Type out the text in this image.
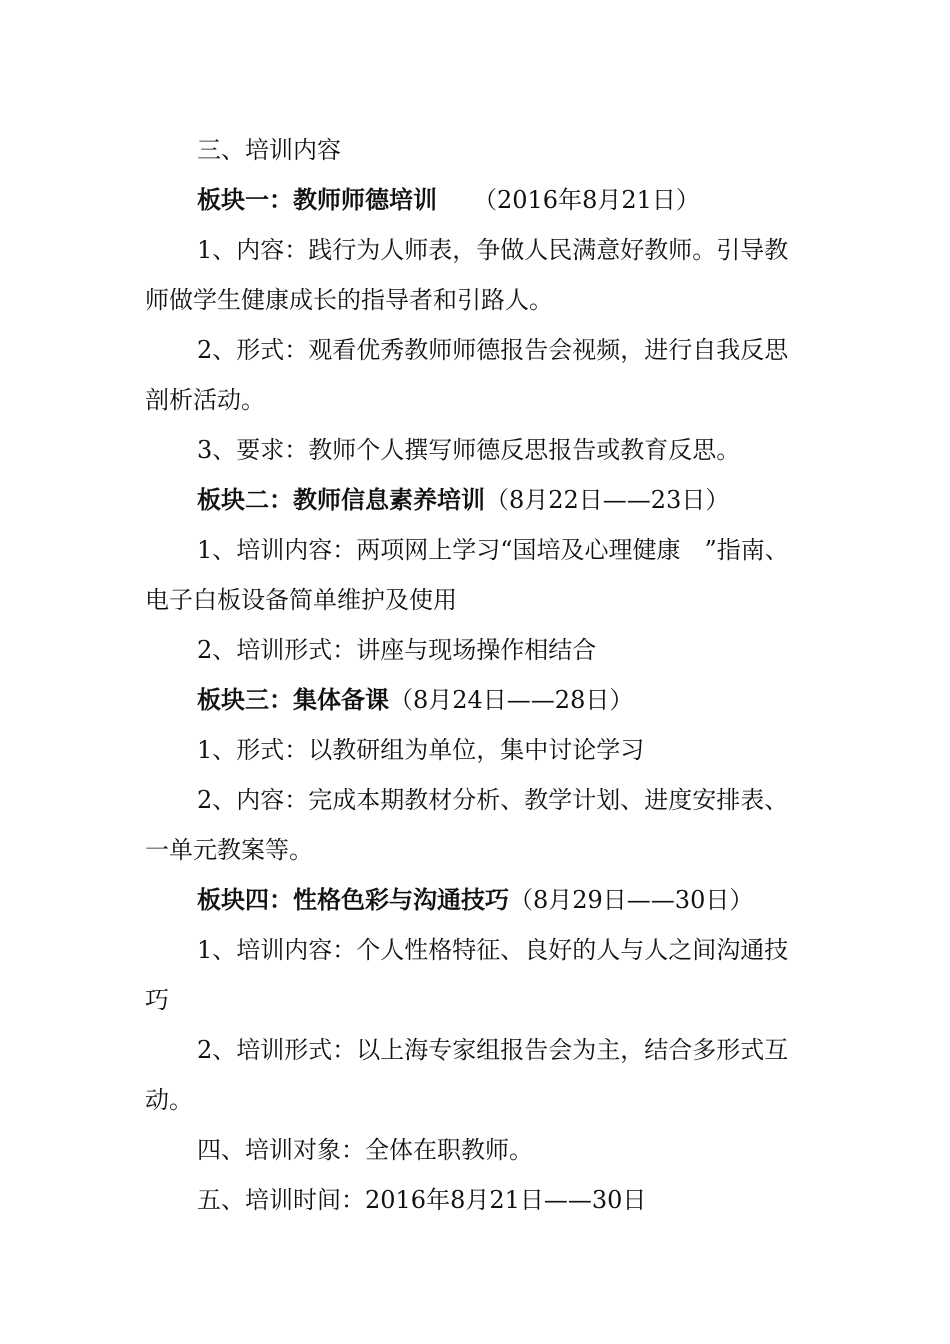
三、培训内容

板块一：教师师德培训　　（2016年8月21日）

1、内容：践行为人师表，争做人民满意好教师。引导教师做学生健康成长的指导者和引路人。

2、形式：观看优秀教师师德报告会视频，进行自我反思剖析活动。

3、要求：教师个人撰写师德反思报告或教育反思。

板块二：教师信息素养培训（8月22日——23日）

1、培训内容：两项网上学习“国培及心理健康　”指南、电子白板设备简单维护及使用

2、培训形式：讲座与现场操作相结合

板块三：集体备课（8月24日——28日）

1、形式：以教研组为单位，集中讨论学习

2、内容：完成本期教材分析、教学计划、进度安排表、一单元教案等。

板块四：性格色彩与沟通技巧（8月29日——30日）

1、培训内容：个人性格特征、良好的人与人之间沟通技巧

2、培训形式：以上海专家组报告会为主，结合多形式互动。

四、培训对象：全体在职教师。

五、培训时间：2016年8月21日——30日
